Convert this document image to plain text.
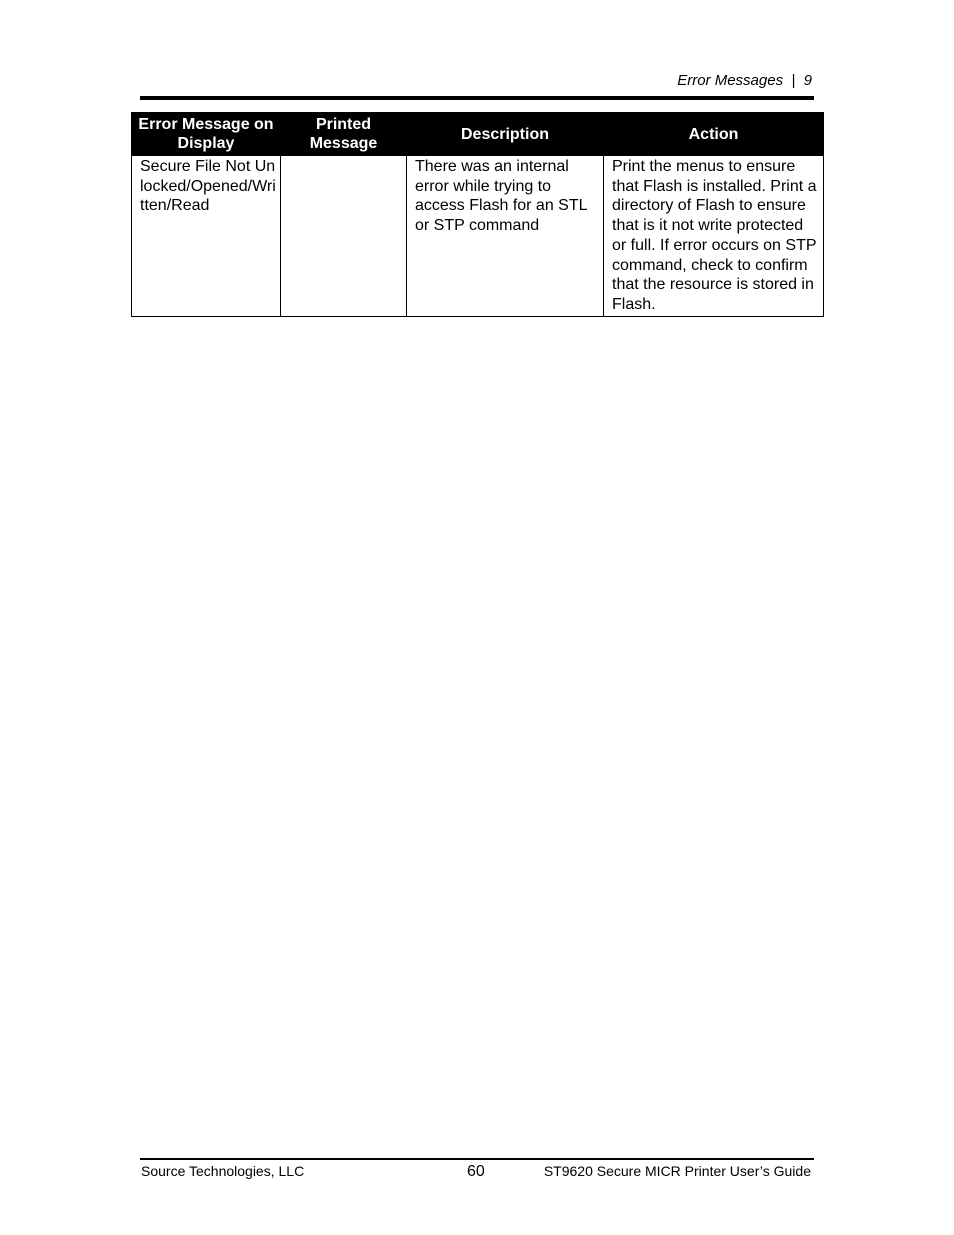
Error Messages  |  9
Error Message on Display	Printed Message	Description	Action
Secure File Not Unlocked/Opened/Written/Read		There was an internal error while trying to access Flash for an STL or STP command	Print the menus to ensure that Flash is installed. Print a directory of Flash to ensure that is it not write protected or full. If error occurs on STP command, check to confirm that the resource is stored in Flash.
Source Technologies, LLC	60	ST9620 Secure MICR Printer User’s Guide
